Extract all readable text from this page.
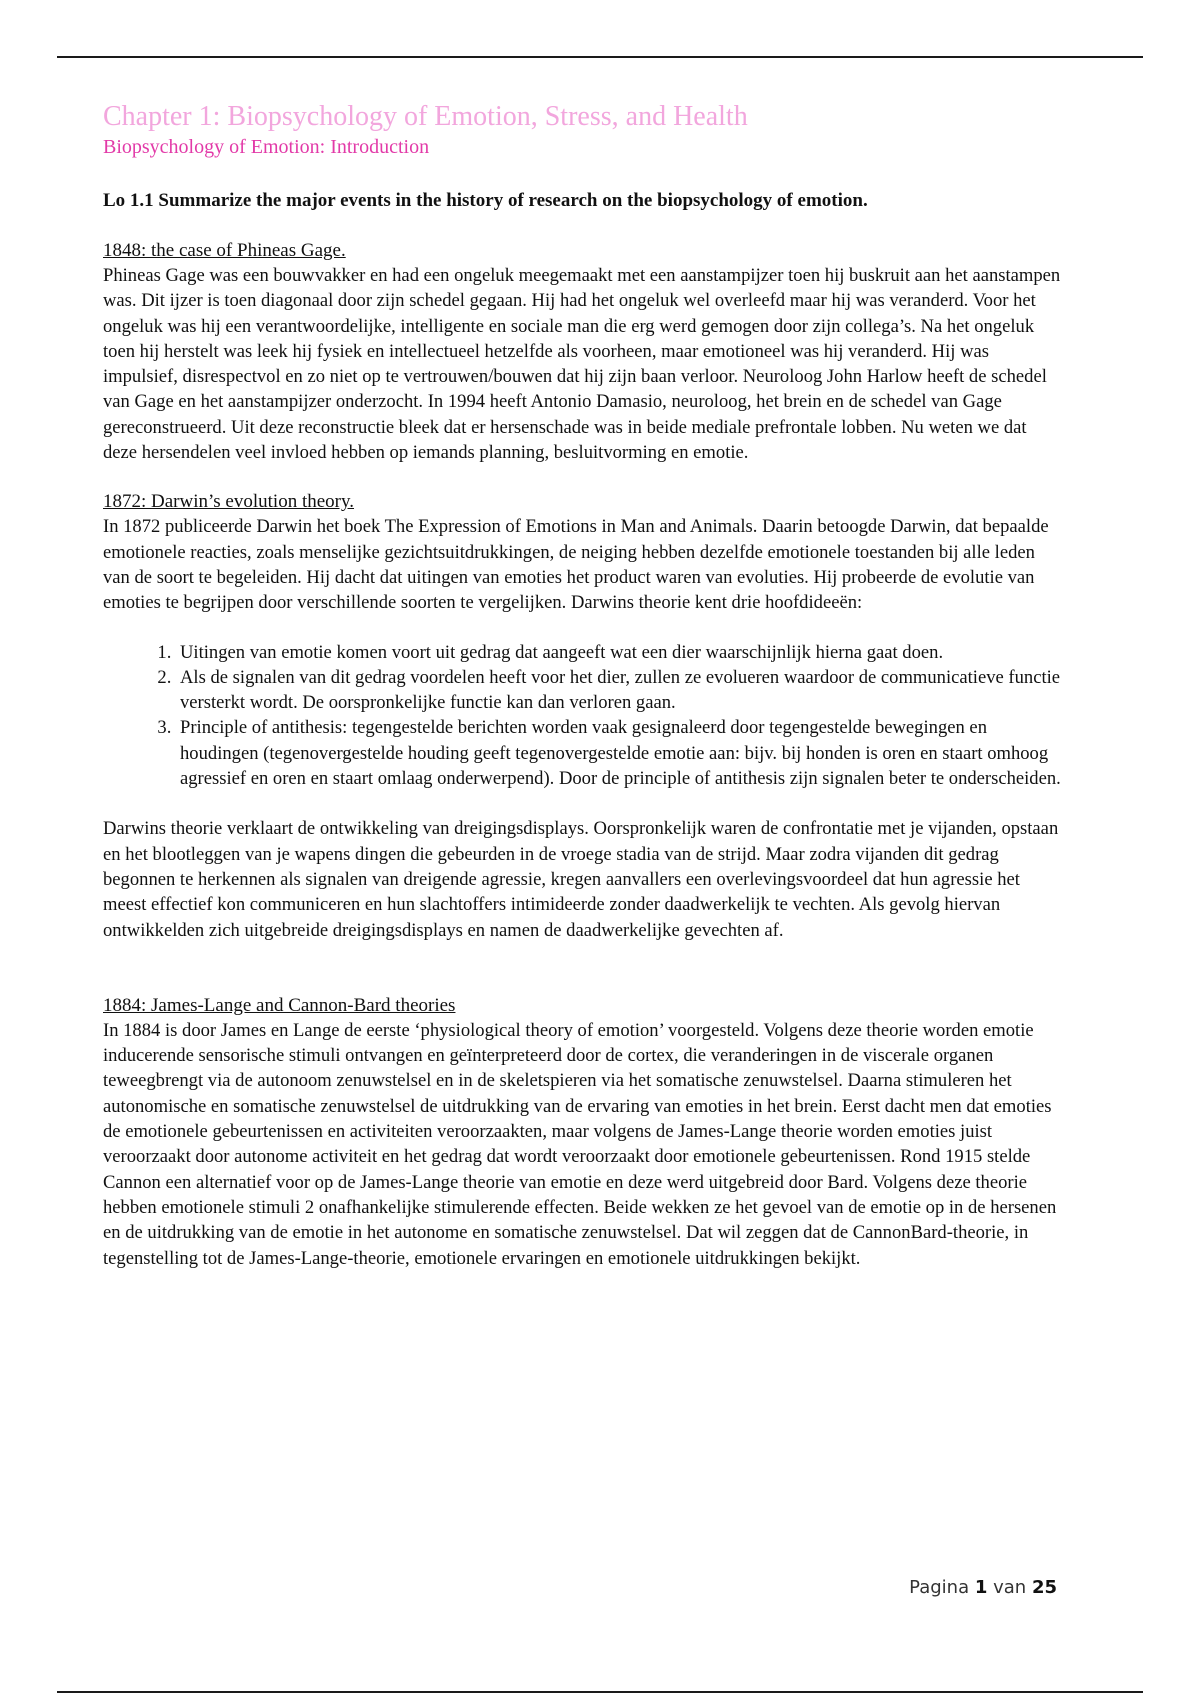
Chapter 1: Biopsychology of Emotion, Stress, and Health
Biopsychology of Emotion: Introduction

Lo 1.1 Summarize the major events in the history of research on the biopsychology of emotion.

1848: the case of Phineas Gage.

Phineas Gage was een bouwvakker en had een ongeluk meegemaakt met een aanstampijzer toen hij buskruit aan het aanstampen was. Dit ijzer is toen diagonaal door zijn schedel gegaan. Hij had het ongeluk wel overleefd maar hij was veranderd. Voor het ongeluk was hij een verantwoordelijke, intelligente en sociale man die erg werd gemogen door zijn collega’s. Na het ongeluk toen hij herstelt was leek hij fysiek en intellectueel hetzelfde als voorheen, maar emotioneel was hij veranderd. Hij was impulsief, disrespectvol en zo niet op te vertrouwen/bouwen dat hij zijn baan verloor. Neuroloog John Harlow heeft de schedel van Gage en het aanstampijzer onderzocht. In 1994 heeft Antonio Damasio, neuroloog, het brein en de schedel van Gage gereconstrueerd. Uit deze reconstructie bleek dat er hersenschade was in beide mediale prefrontale lobben. Nu weten we dat deze hersendelen veel invloed hebben op iemands planning, besluitvorming en emotie.

1872: Darwin’s evolution theory.

In 1872 publiceerde Darwin het boek The Expression of Emotions in Man and Animals. Daarin betoogde Darwin, dat bepaalde emotionele reacties, zoals menselijke gezichtsuitdrukkingen, de neiging hebben dezelfde emotionele toestanden bij alle leden van de soort te begeleiden. Hij dacht dat uitingen van emoties het product waren van evoluties. Hij probeerde de evolutie van emoties te begrijpen door verschillende soorten te vergelijken. Darwins theorie kent drie hoofdideeën:

1. Uitingen van emotie komen voort uit gedrag dat aangeeft wat een dier waarschijnlijk hierna gaat doen.
2. Als de signalen van dit gedrag voordelen heeft voor het dier, zullen ze evolueren waardoor de communicatieve functie versterkt wordt. De oorspronkelijke functie kan dan verloren gaan.
3. Principle of antithesis: tegengestelde berichten worden vaak gesignaleerd door tegengestelde bewegingen en houdingen (tegenovergestelde houding geeft tegenovergestelde emotie aan: bijv. bij honden is oren en staart omhoog agressief en oren en staart omlaag onderwerpend). Door de principle of antithesis zijn signalen beter te onderscheiden.

Darwins theorie verklaart de ontwikkeling van dreigingsdisplays. Oorspronkelijk waren de confrontatie met je vijanden, opstaan en het blootleggen van je wapens dingen die gebeurden in de vroege stadia van de strijd. Maar zodra vijanden dit gedrag begonnen te herkennen als signalen van dreigende agressie, kregen aanvallers een overlevingsvoordeel dat hun agressie het meest effectief kon communiceren en hun slachtoffers intimideerde zonder daadwerkelijk te vechten. Als gevolg hiervan ontwikkelden zich uitgebreide dreigingsdisplays en namen de daadwerkelijke gevechten af.

1884: James-Lange and Cannon-Bard theories

In 1884 is door James en Lange de eerste ‘physiological theory of emotion’ voorgesteld. Volgens deze theorie worden emotie inducerende sensorische stimuli ontvangen en geïnterpreteerd door de cortex, die veranderingen in de viscerale organen teweegbrengt via de autonoom zenuwstelsel en in de skeletspieren via het somatische zenuwstelsel. Daarna stimuleren het autonomische en somatische zenuwstelsel de uitdrukking van de ervaring van emoties in het brein. Eerst dacht men dat emoties de emotionele gebeurtenissen en activiteiten veroorzaakten, maar volgens de James-Lange theorie worden emoties juist veroorzaakt door autonome activiteit en het gedrag dat wordt veroorzaakt door emotionele gebeurtenissen. Rond 1915 stelde Cannon een alternatief voor op de James-Lange theorie van emotie en deze werd uitgebreid door Bard. Volgens deze theorie hebben emotionele stimuli 2 onafhankelijke stimulerende effecten. Beide wekken ze het gevoel van de emotie op in de hersenen en de uitdrukking van de emotie in het autonome en somatische zenuwstelsel. Dat wil zeggen dat de CannonBard-theorie, in tegenstelling tot de James-Lange-theorie, emotionele ervaringen en emotionele uitdrukkingen bekijkt.

Pagina 1 van 25
